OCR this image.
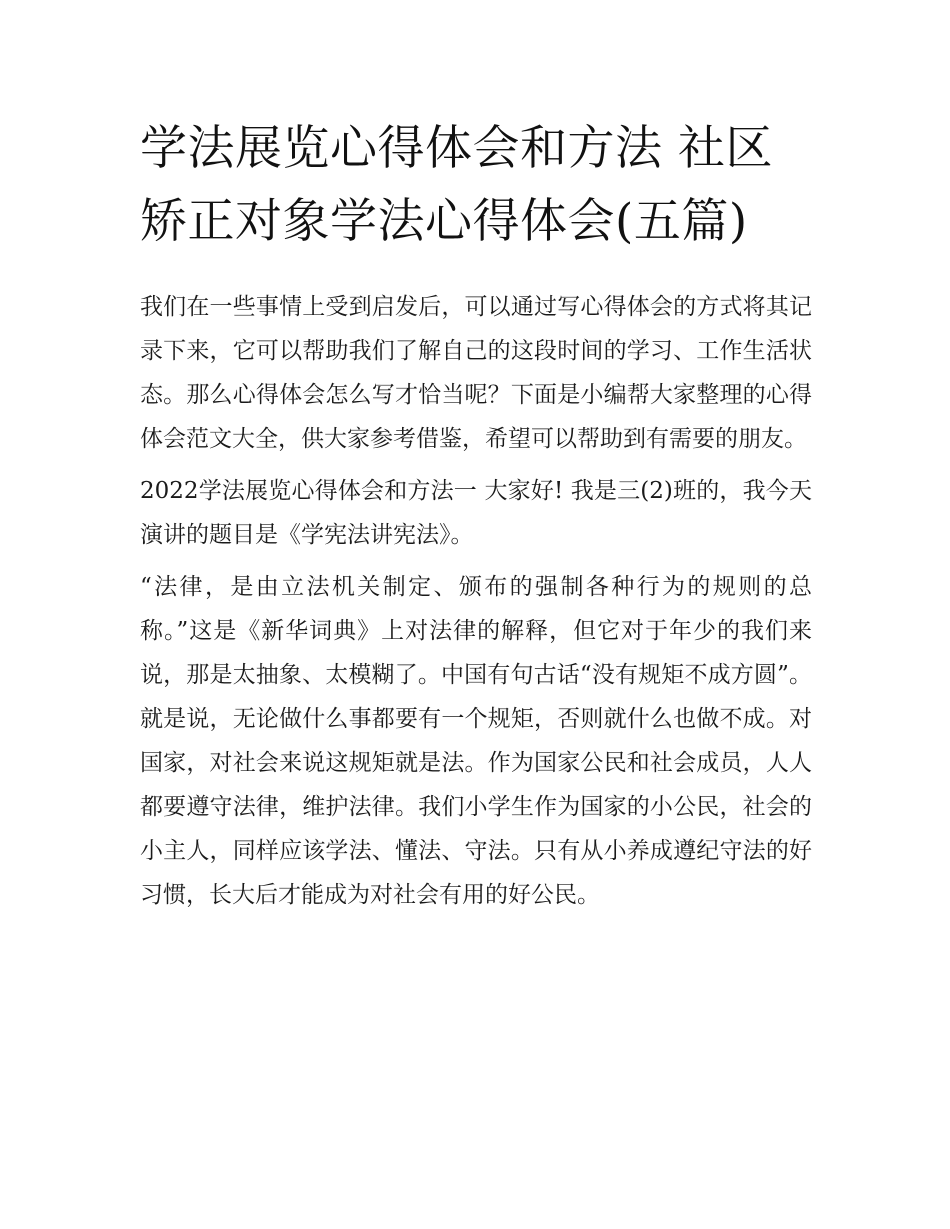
学法展览心得体会和方法 社区
矫正对象学法心得体会(五篇)

我们在一些事情上受到启发后，可以通过写心得体会的方式将其记录下来，它可以帮助我们了解自己的这段时间的学习、工作生活状态。那么心得体会怎么写才恰当呢？下面是小编帮大家整理的心得体会范文大全，供大家参考借鉴，希望可以帮助到有需要的朋友。

2022学法展览心得体会和方法一 大家好! 我是三(2)班的，我今天演讲的题目是《学宪法讲宪法》。

“法律，是由立法机关制定、颁布的强制各种行为的规则的总称。”这是《新华词典》上对法律的解释，但它对于年少的我们来说，那是太抽象、太模糊了。中国有句古话“没有规矩不成方圆”。就是说，无论做什么事都要有一个规矩，否则就什么也做不成。对国家，对社会来说这规矩就是法。作为国家公民和社会成员，人人都要遵守法律，维护法律。我们小学生作为国家的小公民，社会的小主人，同样应该学法、懂法、守法。只有从小养成遵纪守法的好习惯，长大后才能成为对社会有用的好公民。
